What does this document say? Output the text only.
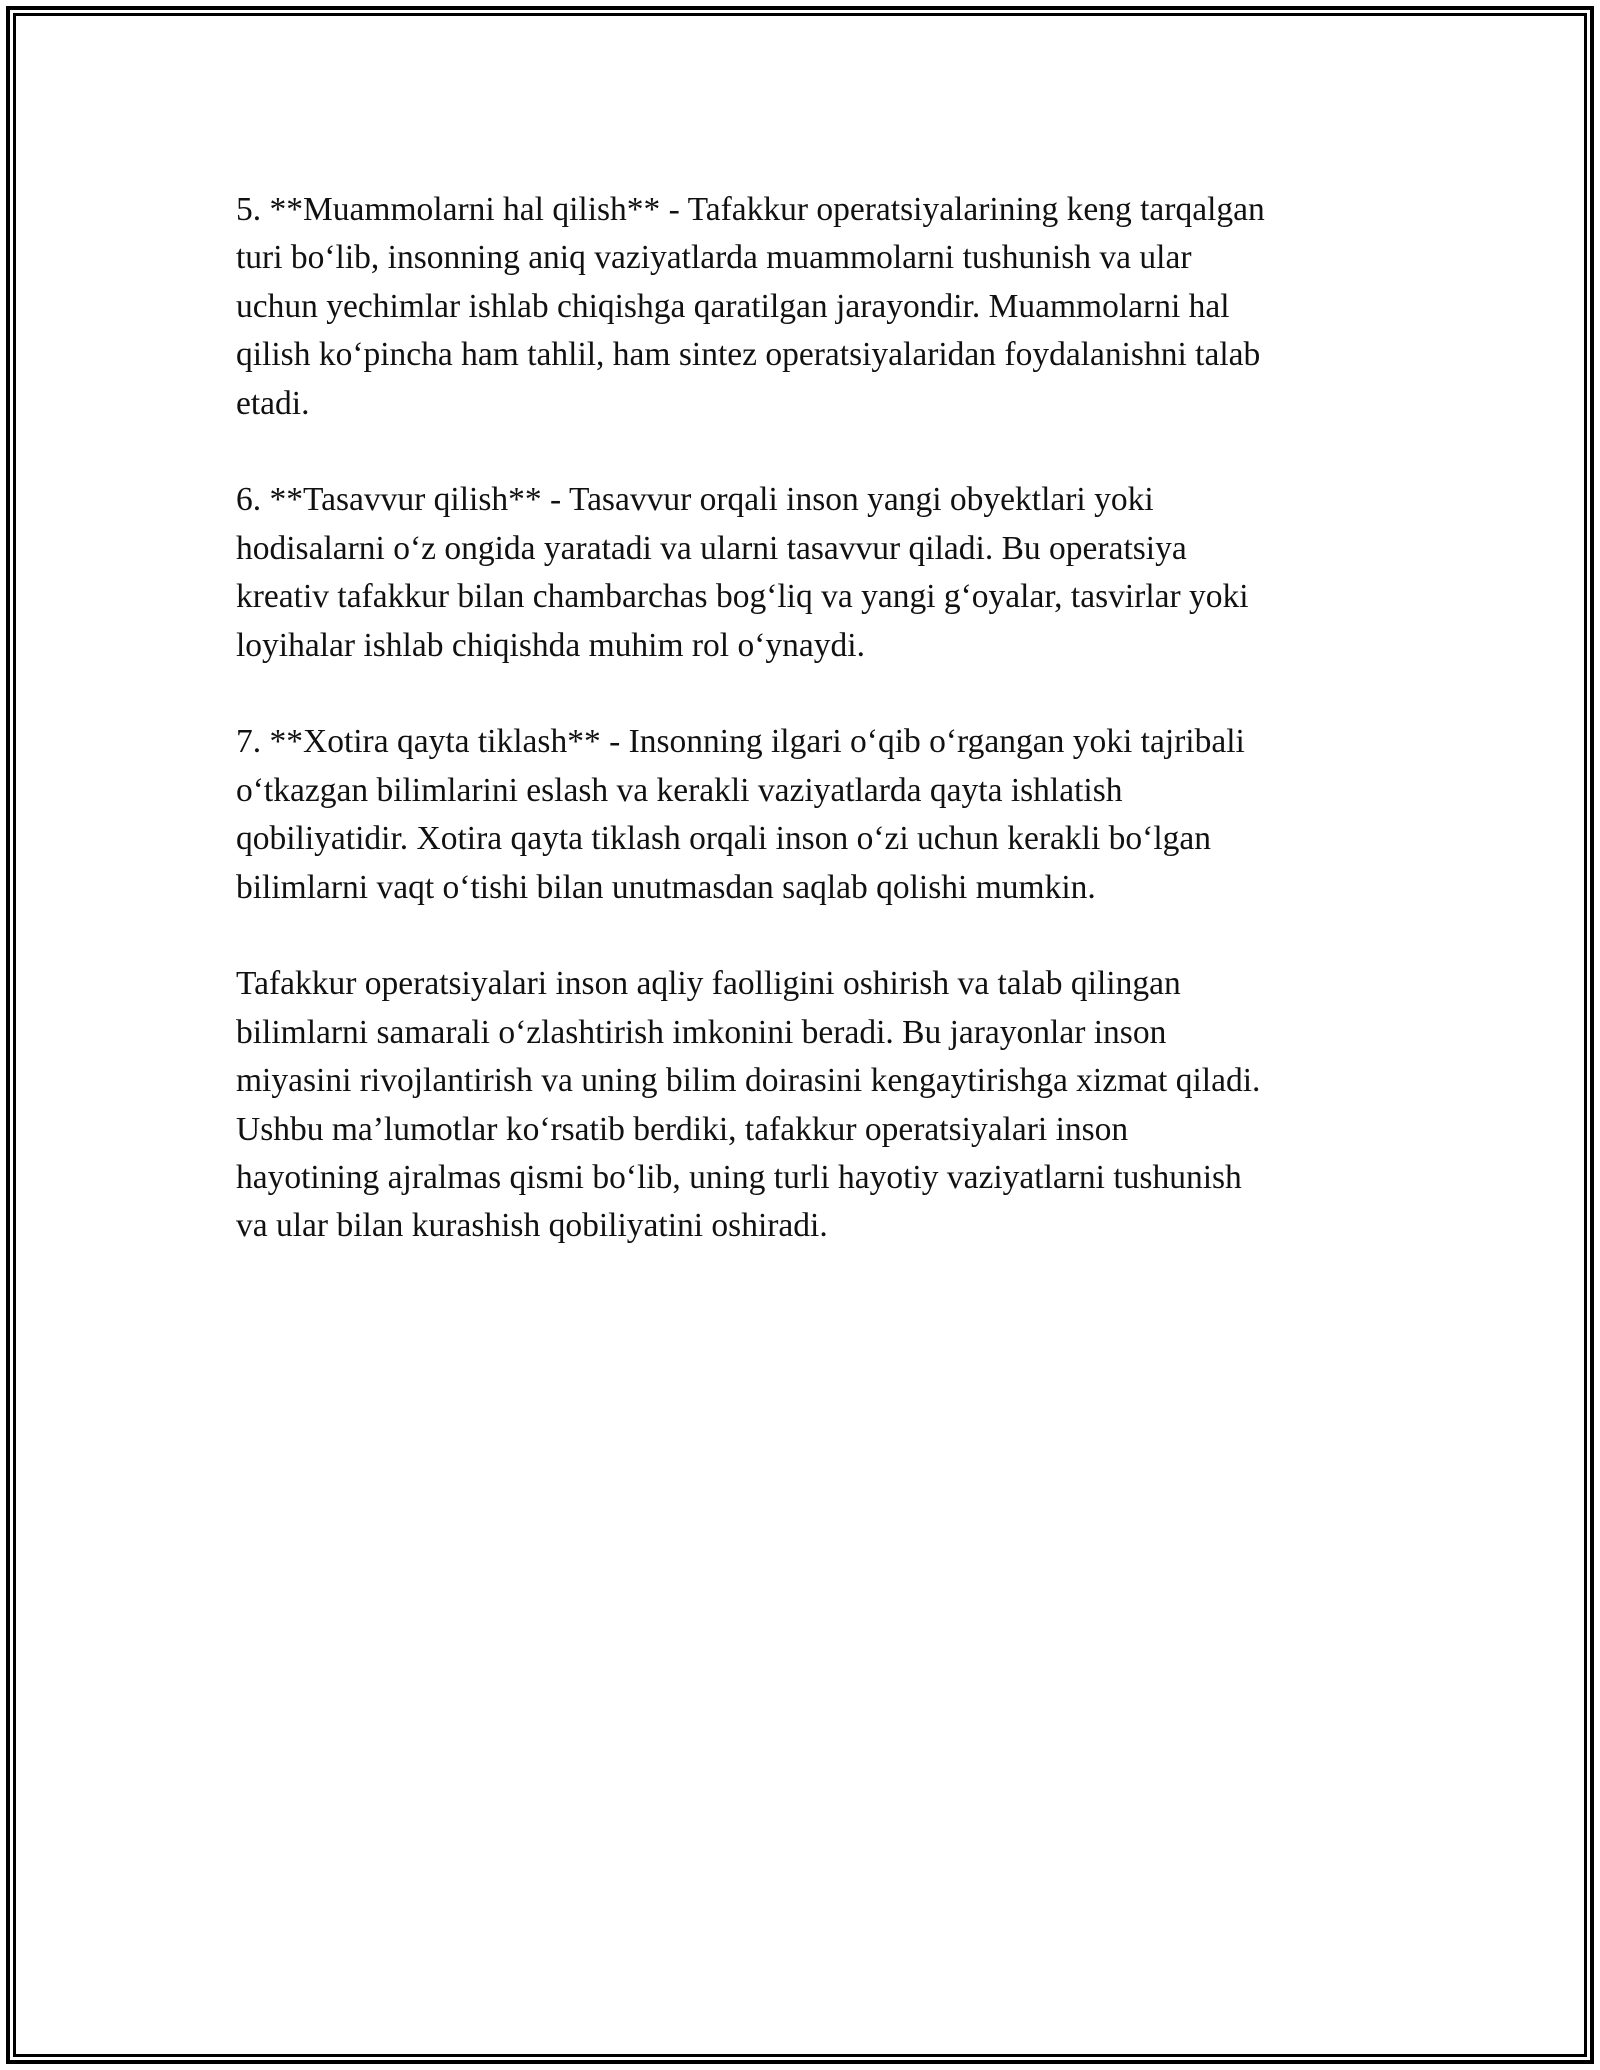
5. **Muammolarni hal qilish** - Tafakkur operatsiyalarining keng tarqalgan
turi bo‘lib, insonning aniq vaziyatlarda muammolarni tushunish va ular
uchun yechimlar ishlab chiqishga qaratilgan jarayondir. Muammolarni hal
qilish ko‘pincha ham tahlil, ham sintez operatsiyalaridan foydalanishni talab
etadi.
6. **Tasavvur qilish** - Tasavvur orqali inson yangi obyektlari yoki
hodisalarni o‘z ongida yaratadi va ularni tasavvur qiladi. Bu operatsiya
kreativ tafakkur bilan chambarchas bog‘liq va yangi g‘oyalar, tasvirlar yoki
loyihalar ishlab chiqishda muhim rol o‘ynaydi.
7. **Xotira qayta tiklash** - Insonning ilgari o‘qib o‘rgangan yoki tajribali
o‘tkazgan bilimlarini eslash va kerakli vaziyatlarda qayta ishlatish
qobiliyatidir. Xotira qayta tiklash orqali inson o‘zi uchun kerakli bo‘lgan
bilimlarni vaqt o‘tishi bilan unutmasdan saqlab qolishi mumkin.
Tafakkur operatsiyalari inson aqliy faolligini oshirish va talab qilingan
bilimlarni samarali o‘zlashtirish imkonini beradi. Bu jarayonlar inson
miyasini rivojlantirish va uning bilim doirasini kengaytirishga xizmat qiladi.
Ushbu ma’lumotlar ko‘rsatib berdiki, tafakkur operatsiyalari inson
hayotining ajralmas qismi bo‘lib, uning turli hayotiy vaziyatlarni tushunish
va ular bilan kurashish qobiliyatini oshiradi.
